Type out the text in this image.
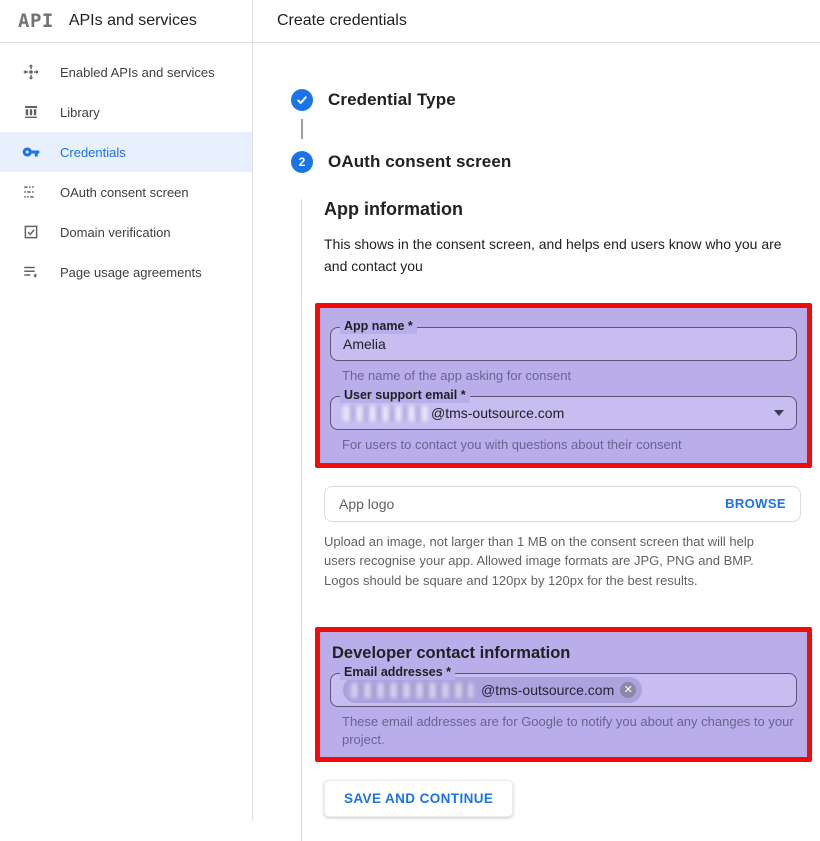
API APIs and services	Create credentials
Enabled APIs and services
Library
Credentials
OAuth consent screen
Domain verification
Page usage agreements
Credential Type
2	OAuth consent screen
App information

This shows in the consent screen, and helps end users know who you are and contact you

App name *
Amelia
The name of the app asking for consent
User support email *
@tms-outsource.com
For users to contact you with questions about their consent
App logo	BROWSE

Upload an image, not larger than 1 MB on the consent screen that will help users recognise your app. Allowed image formats are JPG, PNG and BMP. Logos should be square and 120px by 120px for the best results.

Developer contact information
Email addresses *
@tms-outsource.com ✕
These email addresses are for Google to notify you about any changes to your project.
SAVE AND CONTINUE
